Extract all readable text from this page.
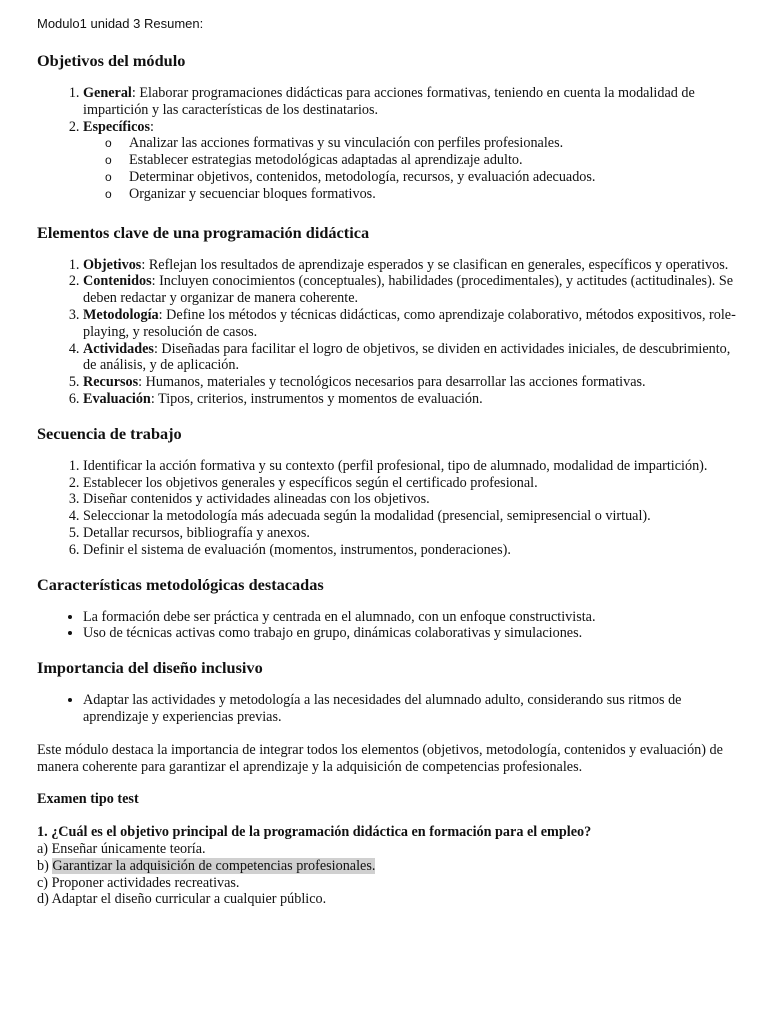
Modulo1 unidad 3 Resumen:
Objetivos del módulo
1. General: Elaborar programaciones didácticas para acciones formativas, teniendo en cuenta la modalidad de impartición y las características de los destinatarios.
2. Específicos:
o Analizar las acciones formativas y su vinculación con perfiles profesionales.
o Establecer estrategias metodológicas adaptadas al aprendizaje adulto.
o Determinar objetivos, contenidos, metodología, recursos, y evaluación adecuados.
o Organizar y secuenciar bloques formativos.
Elementos clave de una programación didáctica
1. Objetivos: Reflejan los resultados de aprendizaje esperados y se clasifican en generales, específicos y operativos.
2. Contenidos: Incluyen conocimientos (conceptuales), habilidades (procedimentales), y actitudes (actitudinales). Se deben redactar y organizar de manera coherente.
3. Metodología: Define los métodos y técnicas didácticas, como aprendizaje colaborativo, métodos expositivos, role-playing, y resolución de casos.
4. Actividades: Diseñadas para facilitar el logro de objetivos, se dividen en actividades iniciales, de descubrimiento, de análisis, y de aplicación.
5. Recursos: Humanos, materiales y tecnológicos necesarios para desarrollar las acciones formativas.
6. Evaluación: Tipos, criterios, instrumentos y momentos de evaluación.
Secuencia de trabajo
1. Identificar la acción formativa y su contexto (perfil profesional, tipo de alumnado, modalidad de impartición).
2. Establecer los objetivos generales y específicos según el certificado profesional.
3. Diseñar contenidos y actividades alineadas con los objetivos.
4. Seleccionar la metodología más adecuada según la modalidad (presencial, semipresencial o virtual).
5. Detallar recursos, bibliografía y anexos.
6. Definir el sistema de evaluación (momentos, instrumentos, ponderaciones).
Características metodológicas destacadas
• La formación debe ser práctica y centrada en el alumnado, con un enfoque constructivista.
• Uso de técnicas activas como trabajo en grupo, dinámicas colaborativas y simulaciones.
Importancia del diseño inclusivo
• Adaptar las actividades y metodología a las necesidades del alumnado adulto, considerando sus ritmos de aprendizaje y experiencias previas.

Este módulo destaca la importancia de integrar todos los elementos (objetivos, metodología, contenidos y evaluación) de manera coherente para garantizar el aprendizaje y la adquisición de competencias profesionales.

Examen tipo test

1. ¿Cuál es el objetivo principal de la programación didáctica en formación para el empleo?

a) Enseñar únicamente teoría.

b) Garantizar la adquisición de competencias profesionales.

c) Proponer actividades recreativas.

d) Adaptar el diseño curricular a cualquier público.
